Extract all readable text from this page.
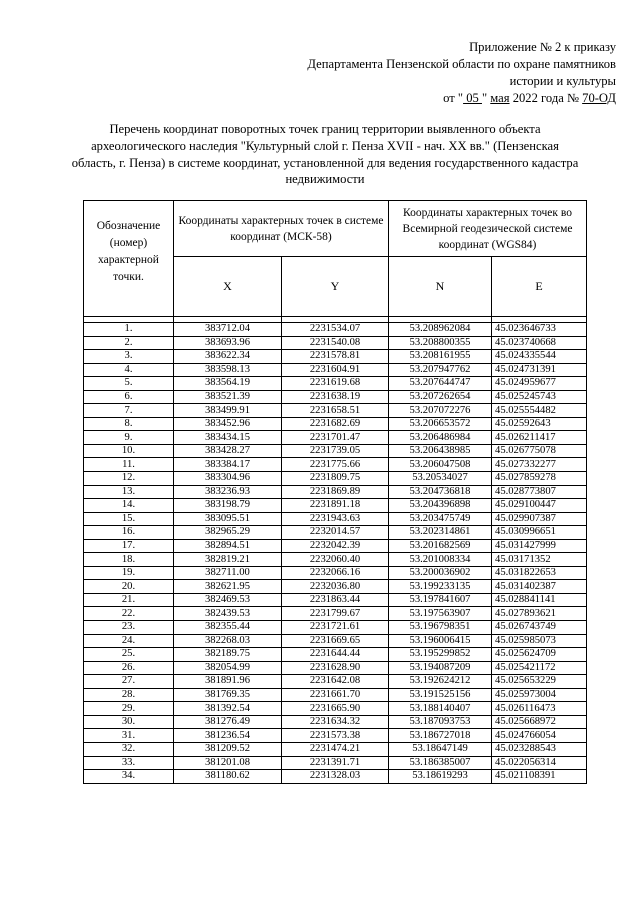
Приложение № 2 к приказу
Департамента Пензенской области по охране памятников
истории и культуры
от " 05 " мая 2022 года № 70-ОД
Перечень координат поворотных точек границ территории выявленного объекта археологического наследия "Культурный слой г. Пенза XVII - нач. XX вв." (Пензенская область, г. Пенза) в системе координат, установленной для ведения государственного кадастра недвижимости
Обозначение (номер) характерной точки.	Координаты характерных точек в системе координат (МСК-58)		Координаты характерных точек во Всемирной геодезической системе координат (WGS84)	
	X	Y	N	E

1.	383712.04	2231534.07	53.208962084	45.023646733
2.	383693.96	2231540.08	53.208800355	45.023740668
3.	383622.34	2231578.81	53.208161955	45.024335544
4.	383598.13	2231604.91	53.207947762	45.024731391
5.	383564.19	2231619.68	53.207644747	45.024959677
6.	383521.39	2231638.19	53.207262654	45.025245743
7.	383499.91	2231658.51	53.207072276	45.025554482
8.	383452.96	2231682.69	53.206653572	45.02592643
9.	383434.15	2231701.47	53.206486984	45.026211417
10.	383428.27	2231739.05	53.206438985	45.026775078
11.	383384.17	2231775.66	53.206047508	45.027332277
12.	383304.96	2231809.75	53.20534027	45.027859278
13.	383236.93	2231869.89	53.204736818	45.028773807
14.	383198.79	2231891.18	53.204396898	45.029100447
15.	383095.51	2231943.63	53.203475749	45.029907387
16.	382965.29	2232014.57	53.202314861	45.030996651
17.	382894.51	2232042.39	53.201682569	45.031427999
18.	382819.21	2232060.40	53.201008334	45.03171352
19.	382711.00	2232066.16	53.200036902	45.031822653
20.	382621.95	2232036.80	53.199233135	45.031402387
21.	382469.53	2231863.44	53.197841607	45.028841141
22.	382439.53	2231799.67	53.197563907	45.027893621
23.	382355.44	2231721.61	53.196798351	45.026743749
24.	382268.03	2231669.65	53.196006415	45.025985073
25.	382189.75	2231644.44	53.195299852	45.025624709
26.	382054.99	2231628.90	53.194087209	45.025421172
27.	381891.96	2231642.08	53.192624212	45.025653229
28.	381769.35	2231661.70	53.191525156	45.025973004
29.	381392.54	2231665.90	53.188140407	45.026116473
30.	381276.49	2231634.32	53.187093753	45.025668972
31.	381236.54	2231573.38	53.186727018	45.024766054
32.	381209.52	2231474.21	53.18647149	45.023288543
33.	381201.08	2231391.71	53.186385007	45.022056314
34.	381180.62	2231328.03	53.18619293	45.021108391
